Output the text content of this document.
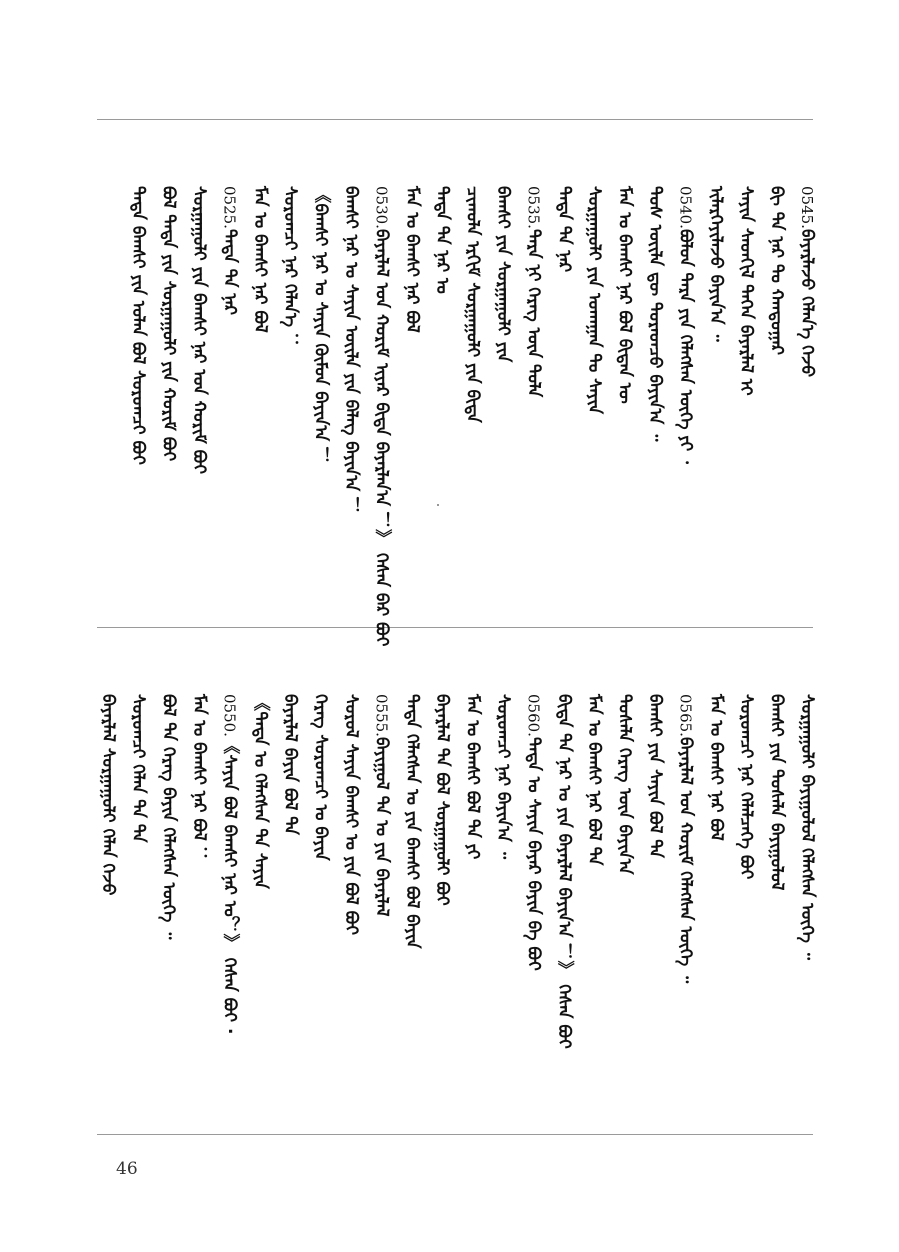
0545.ᠪᠠᠶᠠᠷᠯᠠᠵᠤ ᠬᠡᠯᠡᠨ᠎ᠡ ᠭᠡᠵᠦ
ᠪᠢ ᠲᠠ ᠨᠠᠷ ᠲᠤ ᠬᠠᠨᠳᠤᠭᠠᠷ
ᠰᠠᠶᠢᠨ ᠰᠡᠳᠬᠢᠯ ᠳᠡᠭᠡᠨ ᠪᠠᠶᠠᠷᠯᠠᠯ ᠢ
ᠢᠯᠡᠷᠬᠡᠶᠢᠯᠡᠵᠦ ᠪᠠᠶᠢᠨ᠎ᠠ ᠃
0540.ᠪᠤᠯᠤᠨ ᠲᠡᠷᠡ ᠶᠢᠨ ᠬᠡᠯᠡᠭᠰᠡᠨ ᠦᠭᠡ ᠶᠢ ᠂
ᠲᠤᠰ ᠦᠢᠯᠡ ᠳᠦ ᠳᠤᠷᠠᠳᠴᠤ ᠪᠠᠶᠢᠨ᠎ᠠ ᠃
ᠮᠠᠨ ᠤ ᠪᠠᠭᠰᠢ ᠨᠠᠷ ᠪᠤᠯ ᠪᠢᠳᠡᠨ ᠦ
ᠰᠤᠷᠭᠠᠭᠤᠯᠢ ᠶᠢᠨ ᠤᠬᠠᠭᠠᠨ ᠲᠤ ᠰᠠᠶᠢᠨ
ᠲᠡᠳᠡ ᠲᠠ ᠨᠠᠷ
0535.ᠲᠡᠷᠡ ᠨᠢ ᠬᠡᠷᠡᠭ ᠦᠨ ᠲᠤᠯᠠ
ᠪᠠᠭᠰᠢ ᠶᠢᠨ ᠰᠤᠷᠭᠠᠭᠤᠯᠢ ᠶᠢᠨ
ᠴᠢᠬᠤᠯᠠ ᠡᠷᠬᠢᠮ ᠰᠤᠷᠭᠠᠭᠤᠯᠢ ᠶᠢᠨ ᠪᠢᠳᠡ
ᠲᠡᠳᠡ ᠲᠠ ᠨᠠᠷ ᠤ
ᠮᠠᠨ ᠤ ᠪᠠᠭᠰᠢ ᠨᠠᠷ ᠪᠤᠯ
0530.ᠪᠠᠶᠠᠷᠯᠠᠯ ᠤᠨ ᠬᠤᠷᠢᠮ ᠢᠶᠠᠷ ᠪᠢᠳᠡ ᠪᠠᠶᠠᠷᠯᠠᠨ᠎ᠠ ！》 ᠭᠡᠰᠡᠨ ᠪᠡᠷ ᠪᠤᠢ
ᠪᠠᠭᠰᠢ ᠨᠠᠷ ᠤ ᠰᠠᠶᠢᠨ ᠦᠢᠯᠡ ᠶᠢᠨ ᠪᠡᠯᠡᠭ ᠪᠠᠶᠢᠨ᠎ᠠ ！
《ᠪᠠᠭᠰᠢ ᠨᠠᠷ ᠤ ᠰᠠᠶᠢᠨ ᠬᠦᠮᠦᠨ ᠪᠠᠶᠢᠨ᠎ᠠ ！
ᠰᠤᠷᠤᠭᠴᠢ ᠨᠠᠷ ᠬᠡᠯᠡᠨ᠎ᠡ ：
ᠮᠠᠨ ᠤ ᠪᠠᠭᠰᠢ ᠨᠠᠷ ᠪᠤᠯ
0525.ᠲᠡᠳᠡ ᠲᠠ ᠨᠠᠷ
ᠰᠤᠷᠭᠠᠭᠤᠯᠢ ᠶᠢᠨ ᠪᠠᠭᠰᠢ ᠨᠠᠷ ᠤᠨ ᠬᠤᠷᠢᠮ ᠪᠤᠢ
ᠪᠤᠯ ᠲᠡᠳᠡ ᠶᠢᠨ ᠰᠤᠷᠭᠠᠭᠤᠯᠢ ᠶᠢᠨ ᠬᠤᠷᠢᠮ ᠪᠤᠢ
ᠲᠡᠳᠡ ᠪᠠᠭᠰᠢ ᠶᠢᠨ ᠤᠯᠠᠨ ᠪᠤᠯ ᠰᠤᠷᠤᠭᠴᠢ ᠪᠤᠢ
ᠰᠤᠷᠭᠠᠭᠤᠯᠢ ᠪᠠᠶᠢᠭᠤᠯᠤᠯ ᠬᠡᠯᠡᠭᠰᠡᠨ ᠦᠭᠡ ᠃
ᠪᠠᠭᠰᠢ ᠶᠢᠨ ᠲᠤᠰᠠᠯᠠ ᠪᠠᠶᠢᠭᠤᠯᠤᠯ
ᠰᠤᠷᠤᠭᠴᠢ ᠨᠠᠷ ᠬᠡᠯᠡᠯᠴᠡᠭᠡ ᠪᠤᠢ
ᠮᠠᠨ ᠤ ᠪᠠᠭᠰᠢ ᠨᠠᠷ ᠪᠤᠯ
0565.ᠪᠠᠶᠠᠷᠯᠠᠯ ᠤᠨ ᠬᠤᠷᠢᠮ ᠬᠡᠯᠡᠭᠰᠡᠨ ᠦᠭᠡ ᠃
ᠪᠠᠭᠰᠢ ᠶᠢᠨ ᠰᠠᠶᠢᠨ ᠪᠤᠯ ᠲᠠ
ᠲᠤᠰᠠᠯᠠ ᠬᠡᠷᠡᠭ ᠦᠨ ᠪᠠᠶᠢᠨ᠎ᠠ
ᠮᠠᠨ ᠤ ᠪᠠᠭᠰᠢ ᠨᠠᠷ ᠪᠤᠯ ᠲᠠ
ᠪᠢᠳᠡ ᠲᠠ ᠨᠠᠷ ᠤ ᠶᠢᠨ ᠪᠠᠶᠠᠷᠯᠠᠯ ᠪᠠᠶᠢᠨ᠎ᠠ ！》 ᠭᠡᠰᠡᠨ ᠪᠤᠢ
0560.ᠲᠡᠳᠡ ᠤ ᠰᠠᠶᠢᠨ ᠪᠠᠶᠠᠷ ᠪᠠᠶᠢᠨ ᠪᠠ ᠪᠤᠢ
ᠰᠤᠷᠤᠭᠴᠢ ᠨᠠᠷ ᠪᠠᠶᠢᠨ᠎ᠠ ᠃
ᠮᠠᠨ ᠤ ᠪᠠᠭᠰᠢ ᠪᠤᠯ ᠲᠡ ᠶᠢ
ᠪᠠᠶᠠᠷᠯᠠᠯ ᠲᠠ ᠪᠤᠯ ᠰᠤᠷᠭᠠᠭᠤᠯᠢ ᠪᠤᠢ
ᠲᠡᠳᠡ ᠬᠡᠯᠡᠭᠰᠡᠨ ᠤ ᠶᠢᠨ ᠪᠠᠭᠰᠢ ᠪᠤᠯ ᠪᠠᠶᠢᠨ
0555.ᠪᠠᠶᠢᠭᠤᠯ ᠲᠠ ᠤ ᠶᠢᠨ ᠪᠠᠶᠠᠷᠯᠠᠯ
ᠰᠤᠷᠤᠯ ᠰᠠᠶᠢᠨ ᠪᠠᠭᠰᠢ ᠤ ᠶᠢᠨ ᠪᠤᠯ ᠪᠤᠢ
ᠬᠡᠷᠡᠭ ᠰᠤᠷᠤᠭᠴᠢ ᠤ ᠪᠠᠶᠢᠨ
ᠪᠠᠶᠠᠷᠯᠠᠯ ᠪᠠᠶᠢᠨ ᠪᠤᠯ ᠲᠠ
《ᠲᠡᠳᠡ ᠤ ᠬᠡᠯᠡᠭᠰᠡᠨ ᠲᠠ ᠰᠠᠶᠢᠨ
0550.《ᠰᠠᠶᠢᠨ ᠪᠤᠯ ᠪᠠᠭᠰᠢ ᠨᠠᠷ ᠤ？》 ᠭᠡᠰᠡᠨ ᠪᠤᠢ ·
ᠮᠠᠨ ᠤ ᠪᠠᠭᠰᠢ ᠨᠠᠷ ᠪᠤᠯ ：
ᠪᠤᠯ ᠲᠠ ᠬᠡᠷᠡᠭ ᠪᠠᠶᠢᠨ ᠬᠡᠯᠡᠭᠰᠡᠨ ᠦᠭᠡ ᠃
ᠰᠤᠷᠤᠭᠴᠢ ᠬᠡᠯᠡᠨ ᠲᠠ ᠲᠡ
ᠪᠠᠶᠠᠷᠯᠠᠯ ᠰᠤᠷᠭᠠᠭᠤᠯᠢ ᠬᠡᠯᠡᠨ ᠭᠡᠵᠦ
46
